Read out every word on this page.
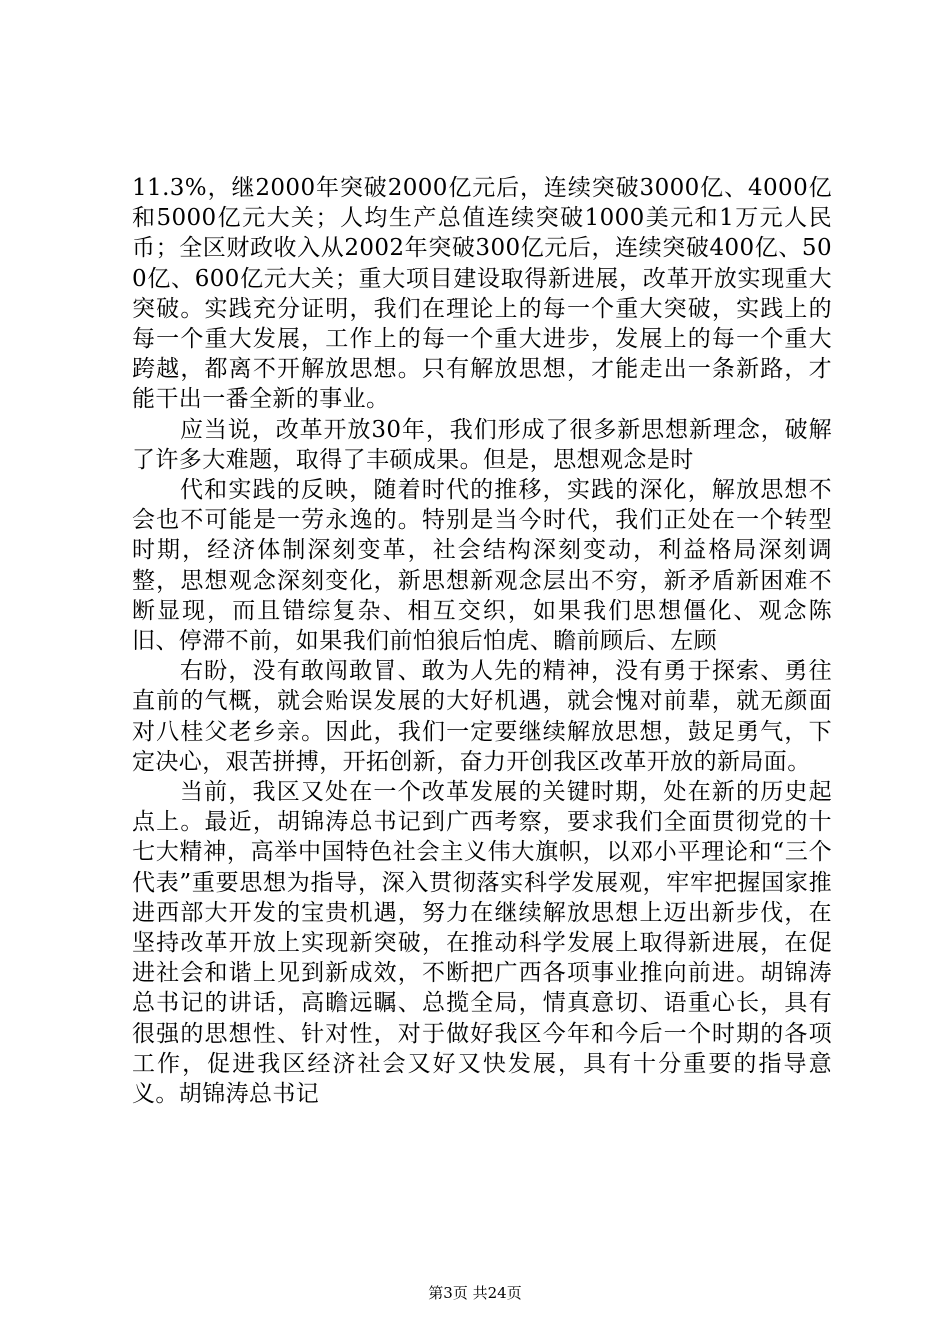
11.3%，继2000年突破2000亿元后，连续突破3000亿、4000亿和5000亿元大关；人均生产总值连续突破1000美元和1万元人民币；全区财政收入从2002年突破300亿元后，连续突破400亿、500亿、600亿元大关；重大项目建设取得新进展，改革开放实现重大突破。实践充分证明，我们在理论上的每一个重大突破，实践上的每一个重大发展，工作上的每一个重大进步，发展上的每一个重大跨越，都离不开解放思想。只有解放思想，才能走出一条新路，才能干出一番全新的事业。

应当说，改革开放30年，我们形成了很多新思想新理念，破解了许多大难题，取得了丰硕成果。但是，思想观念是时

代和实践的反映，随着时代的推移，实践的深化，解放思想不会也不可能是一劳永逸的。特别是当今时代，我们正处在一个转型时期，经济体制深刻变革，社会结构深刻变动，利益格局深刻调整，思想观念深刻变化，新思想新观念层出不穷，新矛盾新困难不断显现，而且错综复杂、相互交织，如果我们思想僵化、观念陈旧、停滞不前，如果我们前怕狼后怕虎、瞻前顾后、左顾

右盼，没有敢闯敢冒、敢为人先的精神，没有勇于探索、勇往直前的气概，就会贻误发展的大好机遇，就会愧对前辈，就无颜面对八桂父老乡亲。因此，我们一定要继续解放思想，鼓足勇气，下定决心，艰苦拼搏，开拓创新，奋力开创我区改革开放的新局面。

当前，我区又处在一个改革发展的关键时期，处在新的历史起点上。最近，胡锦涛总书记到广西考察，要求我们全面贯彻党的十七大精神，高举中国特色社会主义伟大旗帜，以邓小平理论和“三个代表”重要思想为指导，深入贯彻落实科学发展观，牢牢把握国家推进西部大开发的宝贵机遇，努力在继续解放思想上迈出新步伐，在坚持改革开放上实现新突破，在推动科学发展上取得新进展，在促进社会和谐上见到新成效，不断把广西各项事业推向前进。胡锦涛总书记的讲话，高瞻远瞩、总揽全局，情真意切、语重心长，具有很强的思想性、针对性，对于做好我区今年和今后一个时期的各项工作，促进我区经济社会又好又快发展，具有十分重要的指导意义。胡锦涛总书记

第3页 共24页
